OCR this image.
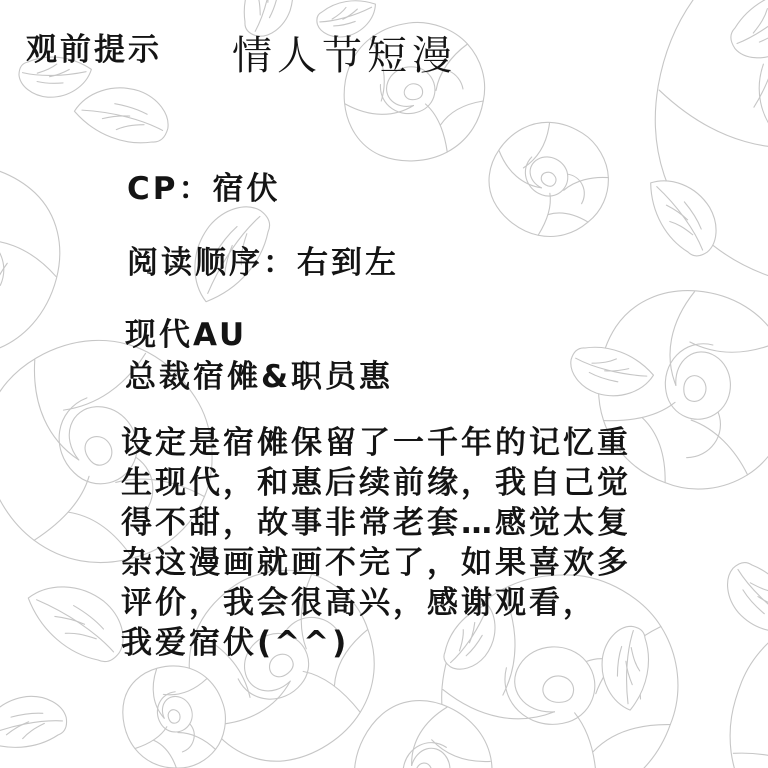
观前提示 情人节短漫
CP：宿伏
阅读顺序：右到左
现代AU
总裁宿傩&职员惠
设定是宿傩保留了一千年的记忆重
生现代，和惠后续前缘，我自己觉
得不甜，故事非常老套…感觉太复
杂这漫画就画不完了，如果喜欢多
评价，我会很高兴，感谢观看，
我爱宿伏(^^)
